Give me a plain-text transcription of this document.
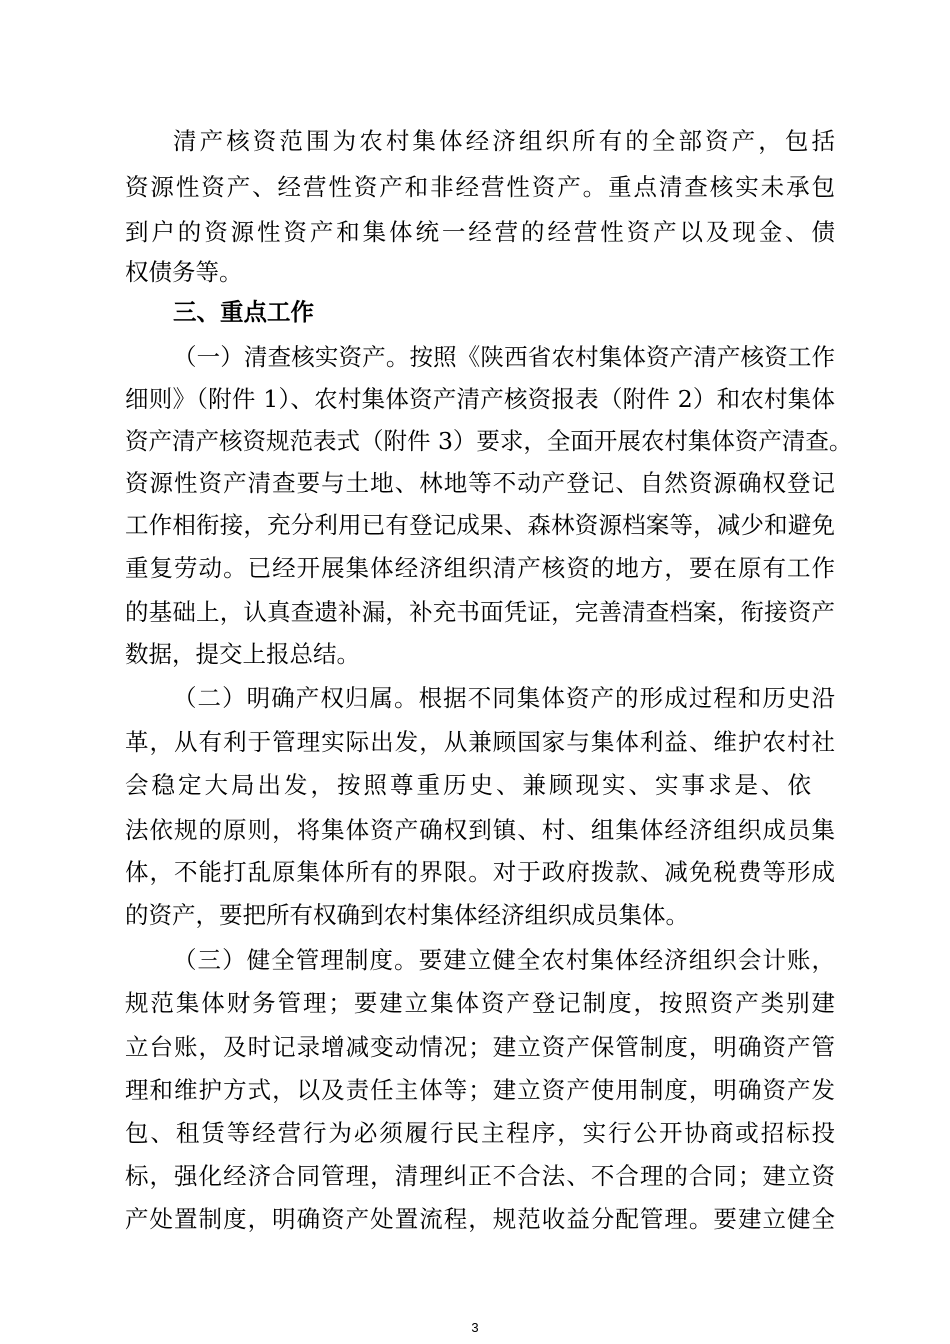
清产核资范围为农村集体经济组织所有的全部资产，包括
资源性资产、经营性资产和非经营性资产。重点清查核实未承包
到户的资源性资产和集体统一经营的经营性资产以及现金、债
权债务等。
三、重点工作
（一）清查核实资产。按照《陕西省农村集体资产清产核资工作
细则》（附件 1）、农村集体资产清产核资报表（附件 2）和农村集体
资产清产核资规范表式（附件 3）要求，全面开展农村集体资产清查。
资源性资产清查要与土地、林地等不动产登记、自然资源确权登记
工作相衔接，充分利用已有登记成果、森林资源档案等，减少和避免
重复劳动。已经开展集体经济组织清产核资的地方，要在原有工作
的基础上，认真查遗补漏，补充书面凭证，完善清查档案，衔接资产
数据，提交上报总结。
（二）明确产权归属。根据不同集体资产的形成过程和历史沿
革，从有利于管理实际出发，从兼顾国家与集体利益、维护农村社
会稳定大局出发，按照尊重历史、兼顾现实、实事求是、依
法依规的原则，将集体资产确权到镇、村、组集体经济组织成员集
体，不能打乱原集体所有的界限。对于政府拨款、减免税费等形成
的资产，要把所有权确到农村集体经济组织成员集体。
（三）健全管理制度。要建立健全农村集体经济组织会计账，
规范集体财务管理；要建立集体资产登记制度，按照资产类别建
立台账，及时记录增减变动情况；建立资产保管制度，明确资产管
理和维护方式，以及责任主体等；建立资产使用制度，明确资产发
包、租赁等经营行为必须履行民主程序，实行公开协商或招标投
标，强化经济合同管理，清理纠正不合法、不合理的合同；建立资
产处置制度，明确资产处置流程，规范收益分配管理。要建立健全
3
